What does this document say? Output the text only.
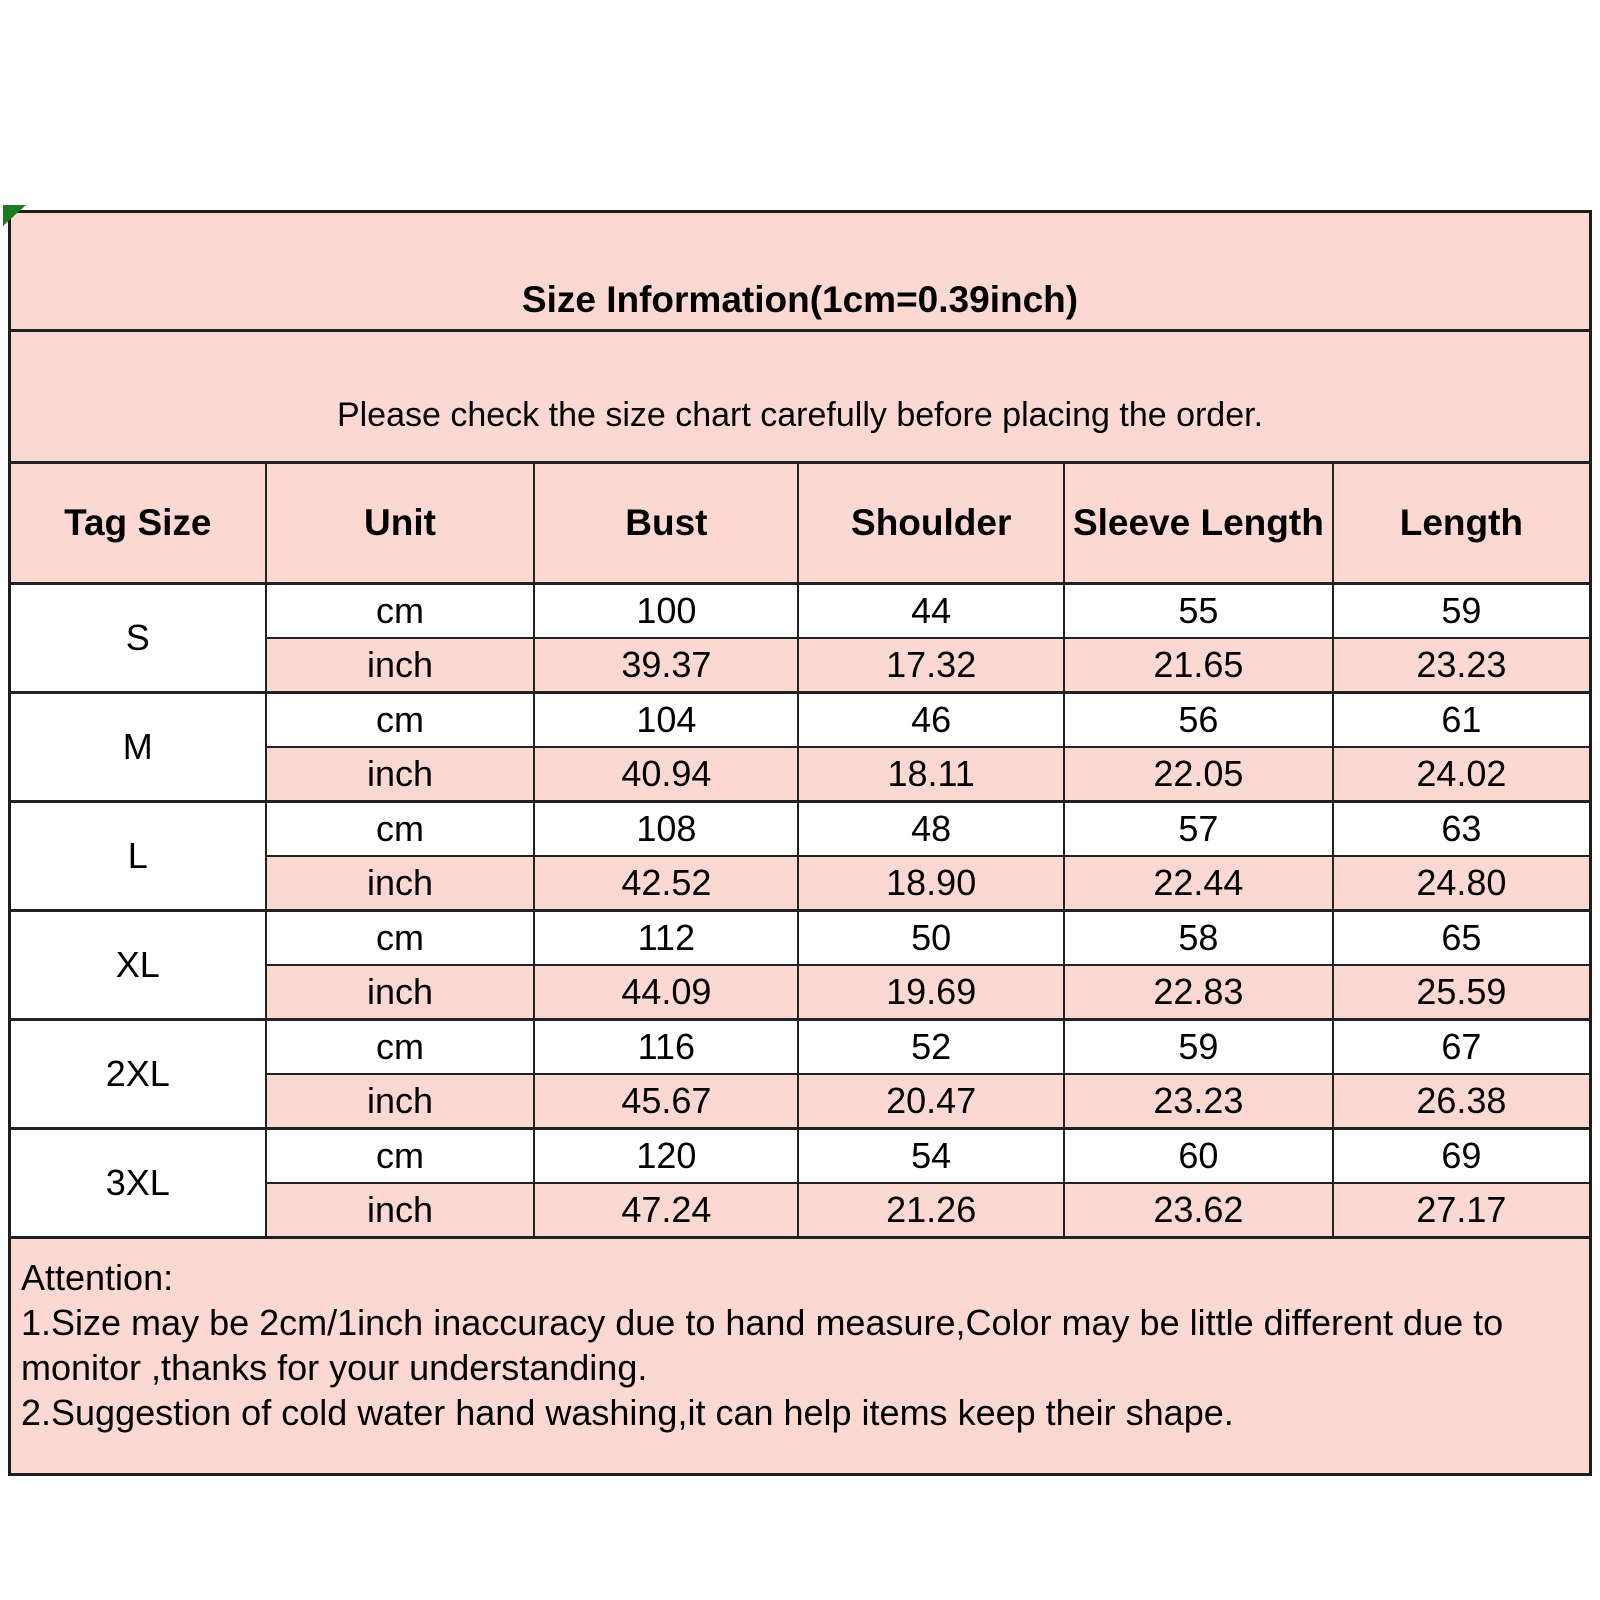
Size Information(1cm=0.39inch)					
Please check the size chart carefully before placing the order.					
Tag Size	Unit	Bust	Shoulder	Sleeve Length	Length
S	cm	100	44	55	59
	inch	39.37	17.32	21.65	23.23
M	cm	104	46	56	61
	inch	40.94	18.11	22.05	24.02
L	cm	108	48	57	63
	inch	42.52	18.90	22.44	24.80
XL	cm	112	50	58	65
	inch	44.09	19.69	22.83	25.59
2XL	cm	116	52	59	67
	inch	45.67	20.47	23.23	26.38
3XL	cm	120	54	60	69
	inch	47.24	21.26	23.62	27.17

Attention:
1.Size may be 2cm/1inch inaccuracy due to hand measure,Color may be little different due to monitor ,thanks for your understanding.
2.Suggestion of cold water hand washing,it can help items keep their shape.					
